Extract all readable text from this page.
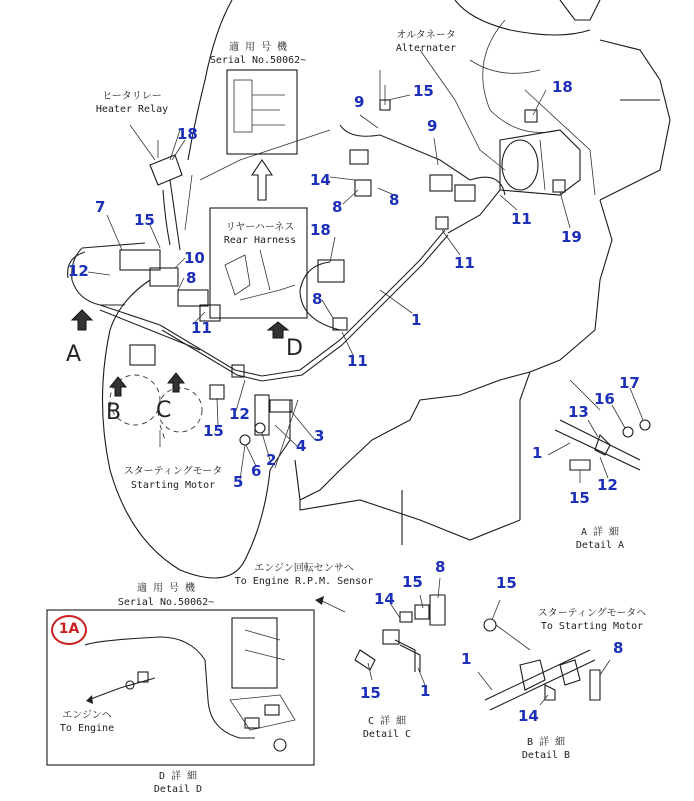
適 用 号 機
Serial No.50062~
ヒータリレー
Heater Relay
オルタネータ
Alternater
リヤーハーネス
Rear Harness
スターティングモータ
Starting Motor
A 詳 細
Detail A
エンジン回転センサヘ
To Engine R.P.M. Sensor
適 用 号 機
Serial No.50062~
スターティングモータヘ
To Starting Motor
エンジンヘ
To Engine
C 詳 細
Detail C
B 詳 細
Detail B
D 詳 細
Detail D
A
B C
D
1A
15	18
9
9
18
14
8
8
11
7
15
18	19
10	11
12	8
8
1
11
11
17
16
12	13
15	3
4
2	1
6
5	12
15
8
15	15
14
8
1
1
15
14
